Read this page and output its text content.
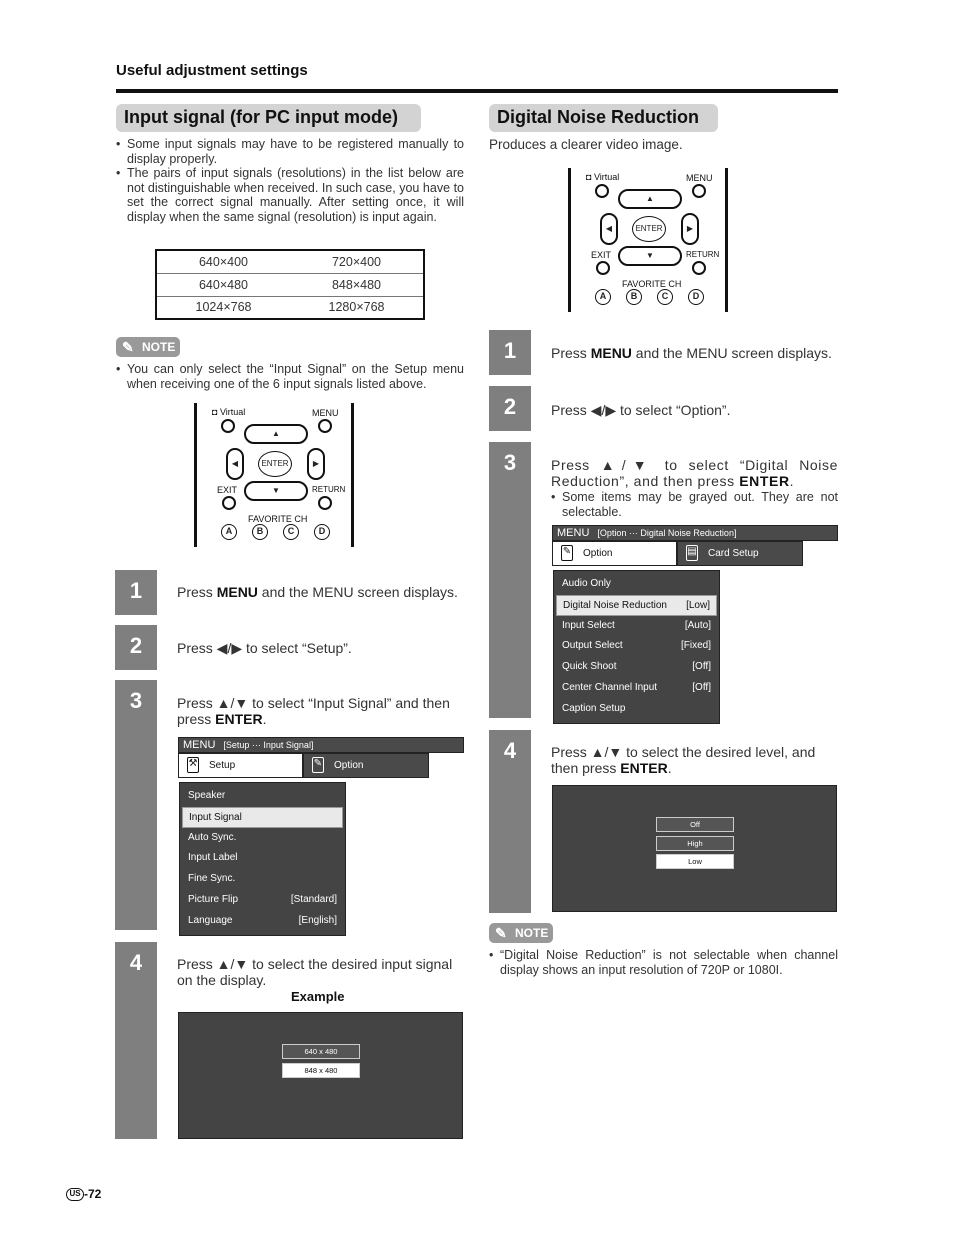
Useful adjustment settings
Input signal (for PC input mode)
• Some input signals may have to be registered manually to display properly.
• The pairs of input signals (resolutions) in the list below are not distinguishable when received. In such case, you have to set the correct signal manually. After setting once, it will display when the same signal (resolution) is input again.
640×400	720×400
640×480	848×480
1024×768	1280×768
✎ NOTE
• You can only select the “Input Signal” on the Setup menu when receiving one of the 6 input signals listed above.
◘ Virtual	MENU
▲
◀	▶
ENTER
▼
EXIT	RETURN
FAVORITE CH
A	B	C	D
1	Press MENU and the MENU screen displays.
2	Press ◀/▶ to select “Setup”.
3	Press ▲/▼ to select “Input Signal” and then press ENTER.
MENU [Setup ··· Input Signal]
⚒ Setup	✎ Option
Speaker
Input Signal
Auto Sync.
Input Label
Fine Sync.
Picture Flip	[Standard]
Language	[English]
4	Press ▲/▼ to select the desired input signal on the display.
Example
640 x 480
848 x 480
Digital Noise Reduction
Produces a clearer video image.
◘ Virtual	MENU
▲
◀	▶
ENTER
▼
EXIT	RETURN
FAVORITE CH
A	B	C	D
1	Press MENU and the MENU screen displays.
2	Press ◀/▶ to select “Option”.
3	Press ▲/▼ to select “Digital Noise Reduction”, and then press ENTER.
• Some items may be grayed out. They are not selectable.
MENU [Option ··· Digital Noise Reduction]
✎ Option	▤ Card Setup
Audio Only
Digital Noise Reduction [Low]
Input Select	[Auto]
Output Select	[Fixed]
Quick Shoot	[Off]
Center Channel Input	[Off]
Caption Setup
4	Press ▲/▼ to select the desired level, and then press ENTER.
Off
High
Low
✎ NOTE
• “Digital Noise Reduction” is not selectable when channel display shows an input resolution of 720P or 1080I.
US -72
